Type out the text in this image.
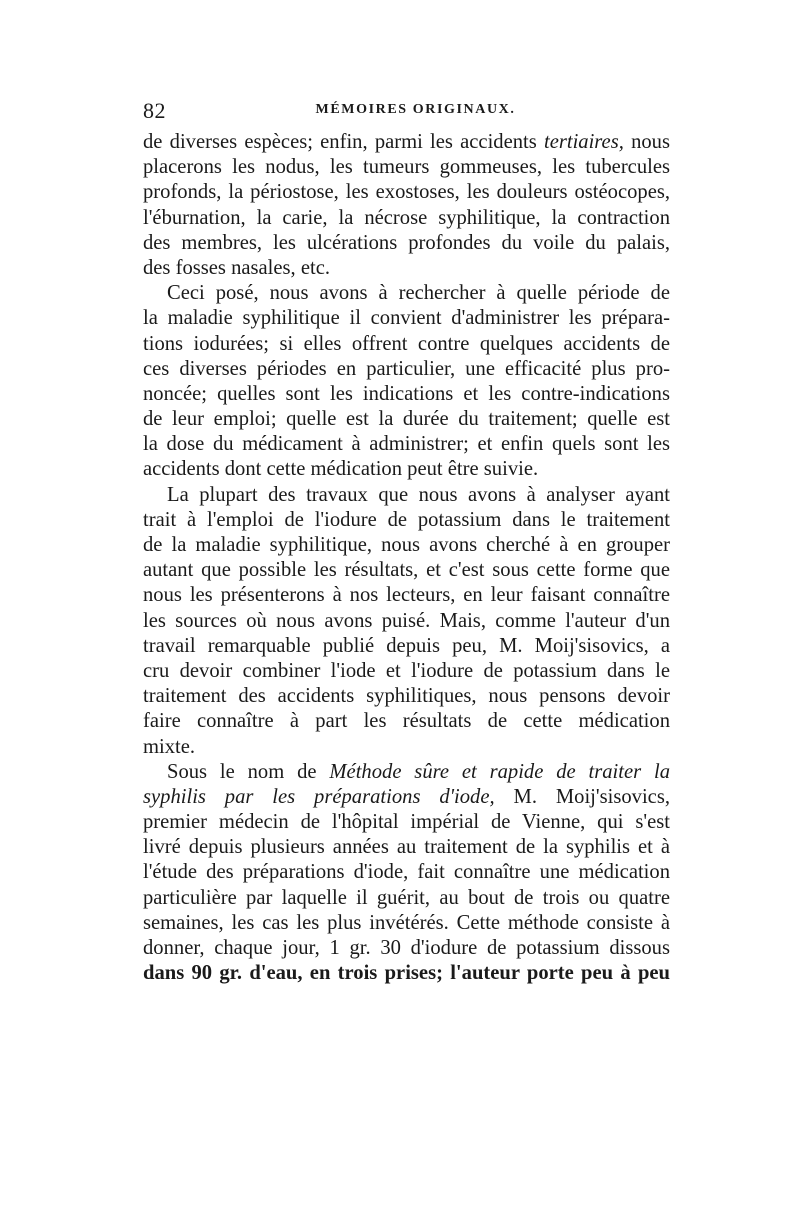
82	MÉMOIRES ORIGINAUX.
de diverses espèces; enfin, parmi les accidents tertiaires, nous
placerons les nodus, les tumeurs gommeuses, les tubercules
profonds, la périostose, les exostoses, les douleurs ostéocopes,
l'éburnation, la carie, la nécrose syphilitique, la contraction
des membres, les ulcérations profondes du voile du palais,
des fosses nasales, etc.
Ceci posé, nous avons à rechercher à quelle période de
la maladie syphilitique il convient d'administrer les prépara-
tions iodurées; si elles offrent contre quelques accidents de
ces diverses périodes en particulier, une efficacité plus pro-
noncée; quelles sont les indications et les contre-indications
de leur emploi; quelle est la durée du traitement; quelle est
la dose du médicament à administrer; et enfin quels sont les
accidents dont cette médication peut être suivie.
La plupart des travaux que nous avons à analyser ayant
trait à l'emploi de l'iodure de potassium dans le traitement
de la maladie syphilitique, nous avons cherché à en grouper
autant que possible les résultats, et c'est sous cette forme que
nous les présenterons à nos lecteurs, en leur faisant connaître
les sources où nous avons puisé. Mais, comme l'auteur d'un
travail remarquable publié depuis peu, M. Moij'sisovics, a
cru devoir combiner l'iode et l'iodure de potassium dans le
traitement des accidents syphilitiques, nous pensons devoir
faire connaître à part les résultats de cette médication
mixte.
Sous le nom de Méthode sûre et rapide de traiter la
syphilis par les préparations d'iode, M. Moij'sisovics,
premier médecin de l'hôpital impérial de Vienne, qui s'est
livré depuis plusieurs années au traitement de la syphilis et à
l'étude des préparations d'iode, fait connaître une médication
particulière par laquelle il guérit, au bout de trois ou quatre
semaines, les cas les plus invétérés. Cette méthode consiste à
donner, chaque jour, 1 gr. 30 d'iodure de potassium dissous
dans 90 gr. d'eau, en trois prises; l'auteur porte peu à peu
